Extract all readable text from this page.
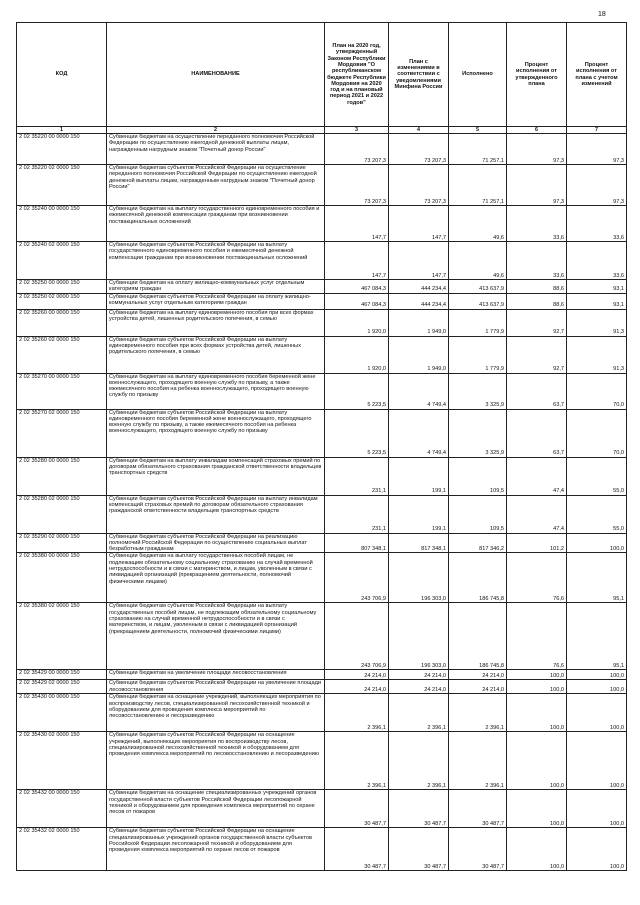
18
КОД	НАИМЕНОВАНИЕ	План на 2020 год, утвержденный Законом Республики Мордовия "О республиканском бюджете Республики Мордовия на 2020 год и на плановый период 2021 и 2022 годов"	План с изменениями в соответствии с уведомлениями Минфина России	Исполнено	Процент исполнения от утвержденного плана	Процент исполнения от плана с учетом изменений
1	2	3	4	5	6	7
2 02 35220 00 0000 150	Субвенции бюджетам на осуществление переданного полномочия Российской Федерации по осуществлению ежегодной денежной выплаты лицам, награжденным нагрудным знаком "Почетный донор России"	73 207,3	73 207,3	71 257,1	97,3	97,3
2 02 35220 02 0000 150	Субвенции бюджетам субъектов Российской Федерации на осуществление переданного полномочия Российской Федерации по осуществлению ежегодной денежной выплаты лицам, награжденным нагрудным знаком "Почетный донор России"	73 207,3	73 207,3	71 257,1	97,3	97,3
2 02 35240 00 0000 150	Субвенции бюджетам на выплату государственного единовременного пособия и ежемесячной денежной компенсации гражданам при возникновении поствакцинальных осложнений	147,7	147,7	49,6	33,6	33,6
2 02 35240 02 0000 150	Субвенции бюджетам субъектов Российской Федерации на выплату государственного единовременного пособия и ежемесячной денежной компенсации гражданам при возникновении поствакцинальных осложнений	147,7	147,7	49,6	33,6	33,6
2 02 35250 00 0000 150	Субвенции бюджетам на оплату жилищно-коммунальных услуг отдельным категориям граждан	467 084,3	444 234,4	413 637,9	88,6	93,1
2 02 35250 02 0000 150	Субвенции бюджетам субъектов Российской Федерации на оплату жилищно-коммунальных услуг отдельным категориям граждан	467 084,3	444 234,4	413 637,9	88,6	93,1
2 02 35260 00 0000 150	Субвенции бюджетам на выплату единовременного пособия при всех формах устройства детей, лишенных родительского попечения, в семью	1 920,0	1 949,0	1 779,9	92,7	91,3
2 02 35260 02 0000 150	Субвенции бюджетам субъектов Российской Федерации на выплату единовременного пособия при всех формах устройства детей, лишенных родительского попечения, в семью	1 920,0	1 949,0	1 779,9	92,7	91,3
2 02 35270 00 0000 150	Субвенции бюджетам на выплату единовременного пособия беременной жене военнослужащего, проходящего военную службу по призыву, а также ежемесячного пособия на ребенка военнослужащего, проходящего военную службу по призыву	5 223,5	4 749,4	3 325,9	63,7	70,0
2 02 35270 02 0000 150	Субвенции бюджетам субъектов Российской Федерации на выплату единовременного пособия беременной жене военнослужащего, проходящего военную службу по призыву, а также ежемесячного пособия на ребенка военнослужащего, проходящего военную службу по призыву	5 223,5	4 749,4	3 325,9	63,7	70,0
2 02 35280 00 0000 150	Субвенции бюджетам на выплату инвалидам компенсаций страховых премий по договорам обязательного страхования гражданской ответственности владельцев транспортных средств	231,1	199,1	109,5	47,4	55,0
2 02 35280 02 0000 150	Субвенции бюджетам субъектов Российской Федерации на выплату инвалидам компенсаций страховых премий по договорам обязательного страхования гражданской ответственности владельцев транспортных средств	231,1	199,1	109,5	47,4	55,0
2 02 35290 02 0000 150	Субвенции бюджетам субъектов Российской Федерации на реализацию полномочий Российской Федерации по осуществлению социальных выплат безработным гражданам	807 348,1	817 348,1	817 346,2	101,2	100,0
2 02 35380 00 0000 150	Субвенции бюджетам на выплату государственных пособий лицам, не подлежащим обязательному социальному страхованию на случай временной нетрудоспособности и в связи с материнством, и лицам, уволенным в связи с ликвидацией организаций (прекращением деятельности, полномочий физическими лицами)	243 706,9	196 303,0	186 745,8	76,6	95,1
2 02 35380 02 0000 150	Субвенции бюджетам субъектов Российской Федерации на выплату государственных пособий лицам, не подлежащим обязательному социальному страхованию на случай временной нетрудоспособности и в связи с материнством, и лицам, уволенным в связи с ликвидацией организаций (прекращением деятельности, полномочий физическими лицами)	243 706,9	196 303,0	186 745,8	76,6	95,1
2 02 35429 00 0000 150	Субвенции бюджетам на увеличение площади лесовосстановления	24 214,0	24 214,0	24 214,0	100,0	100,0
2 02 35429 02 0000 150	Субвенции бюджетам субъектов Российской Федерации на увеличение площади лесовосстановления	24 214,0	24 214,0	24 214,0	100,0	100,0
2 02 35430 00 0000 150	Субвенции бюджетам на оснащение учреждений, выполняющих мероприятия по воспроизводству лесов, специализированной лесохозяйственной техникой и оборудованием для проведения комплекса мероприятий по лесовосстановлению и лесоразведению	2 396,1	2 396,1	2 396,1	100,0	100,0
2 02 35430 02 0000 150	Субвенции бюджетам субъектов Российской Федерации на оснащение учреждений, выполняющих мероприятия по воспроизводству лесов, специализированной лесохозяйственной техникой и оборудованием для проведения комплекса мероприятий по лесовосстановлению и лесоразведению	2 396,1	2 396,1	2 396,1	100,0	100,0
2 02 35432 00 0000 150	Субвенции бюджетам на оснащение специализированных учреждений органов государственной власти субъектов Российской Федерации лесопожарной техникой и оборудованием для проведения комплекса мероприятий по охране лесов от пожаров	30 487,7	30 487,7	30 487,7	100,0	100,0
2 02 35432 02 0000 150	Субвенции бюджетам субъектов Российской Федерации на оснащение специализированных учреждений органов государственной власти субъектов Российской Федерации лесопожарной техникой и оборудованием для проведения комплекса мероприятий по охране лесов от пожаров	30 487,7	30 487,7	30 487,7	100,0	100,0
